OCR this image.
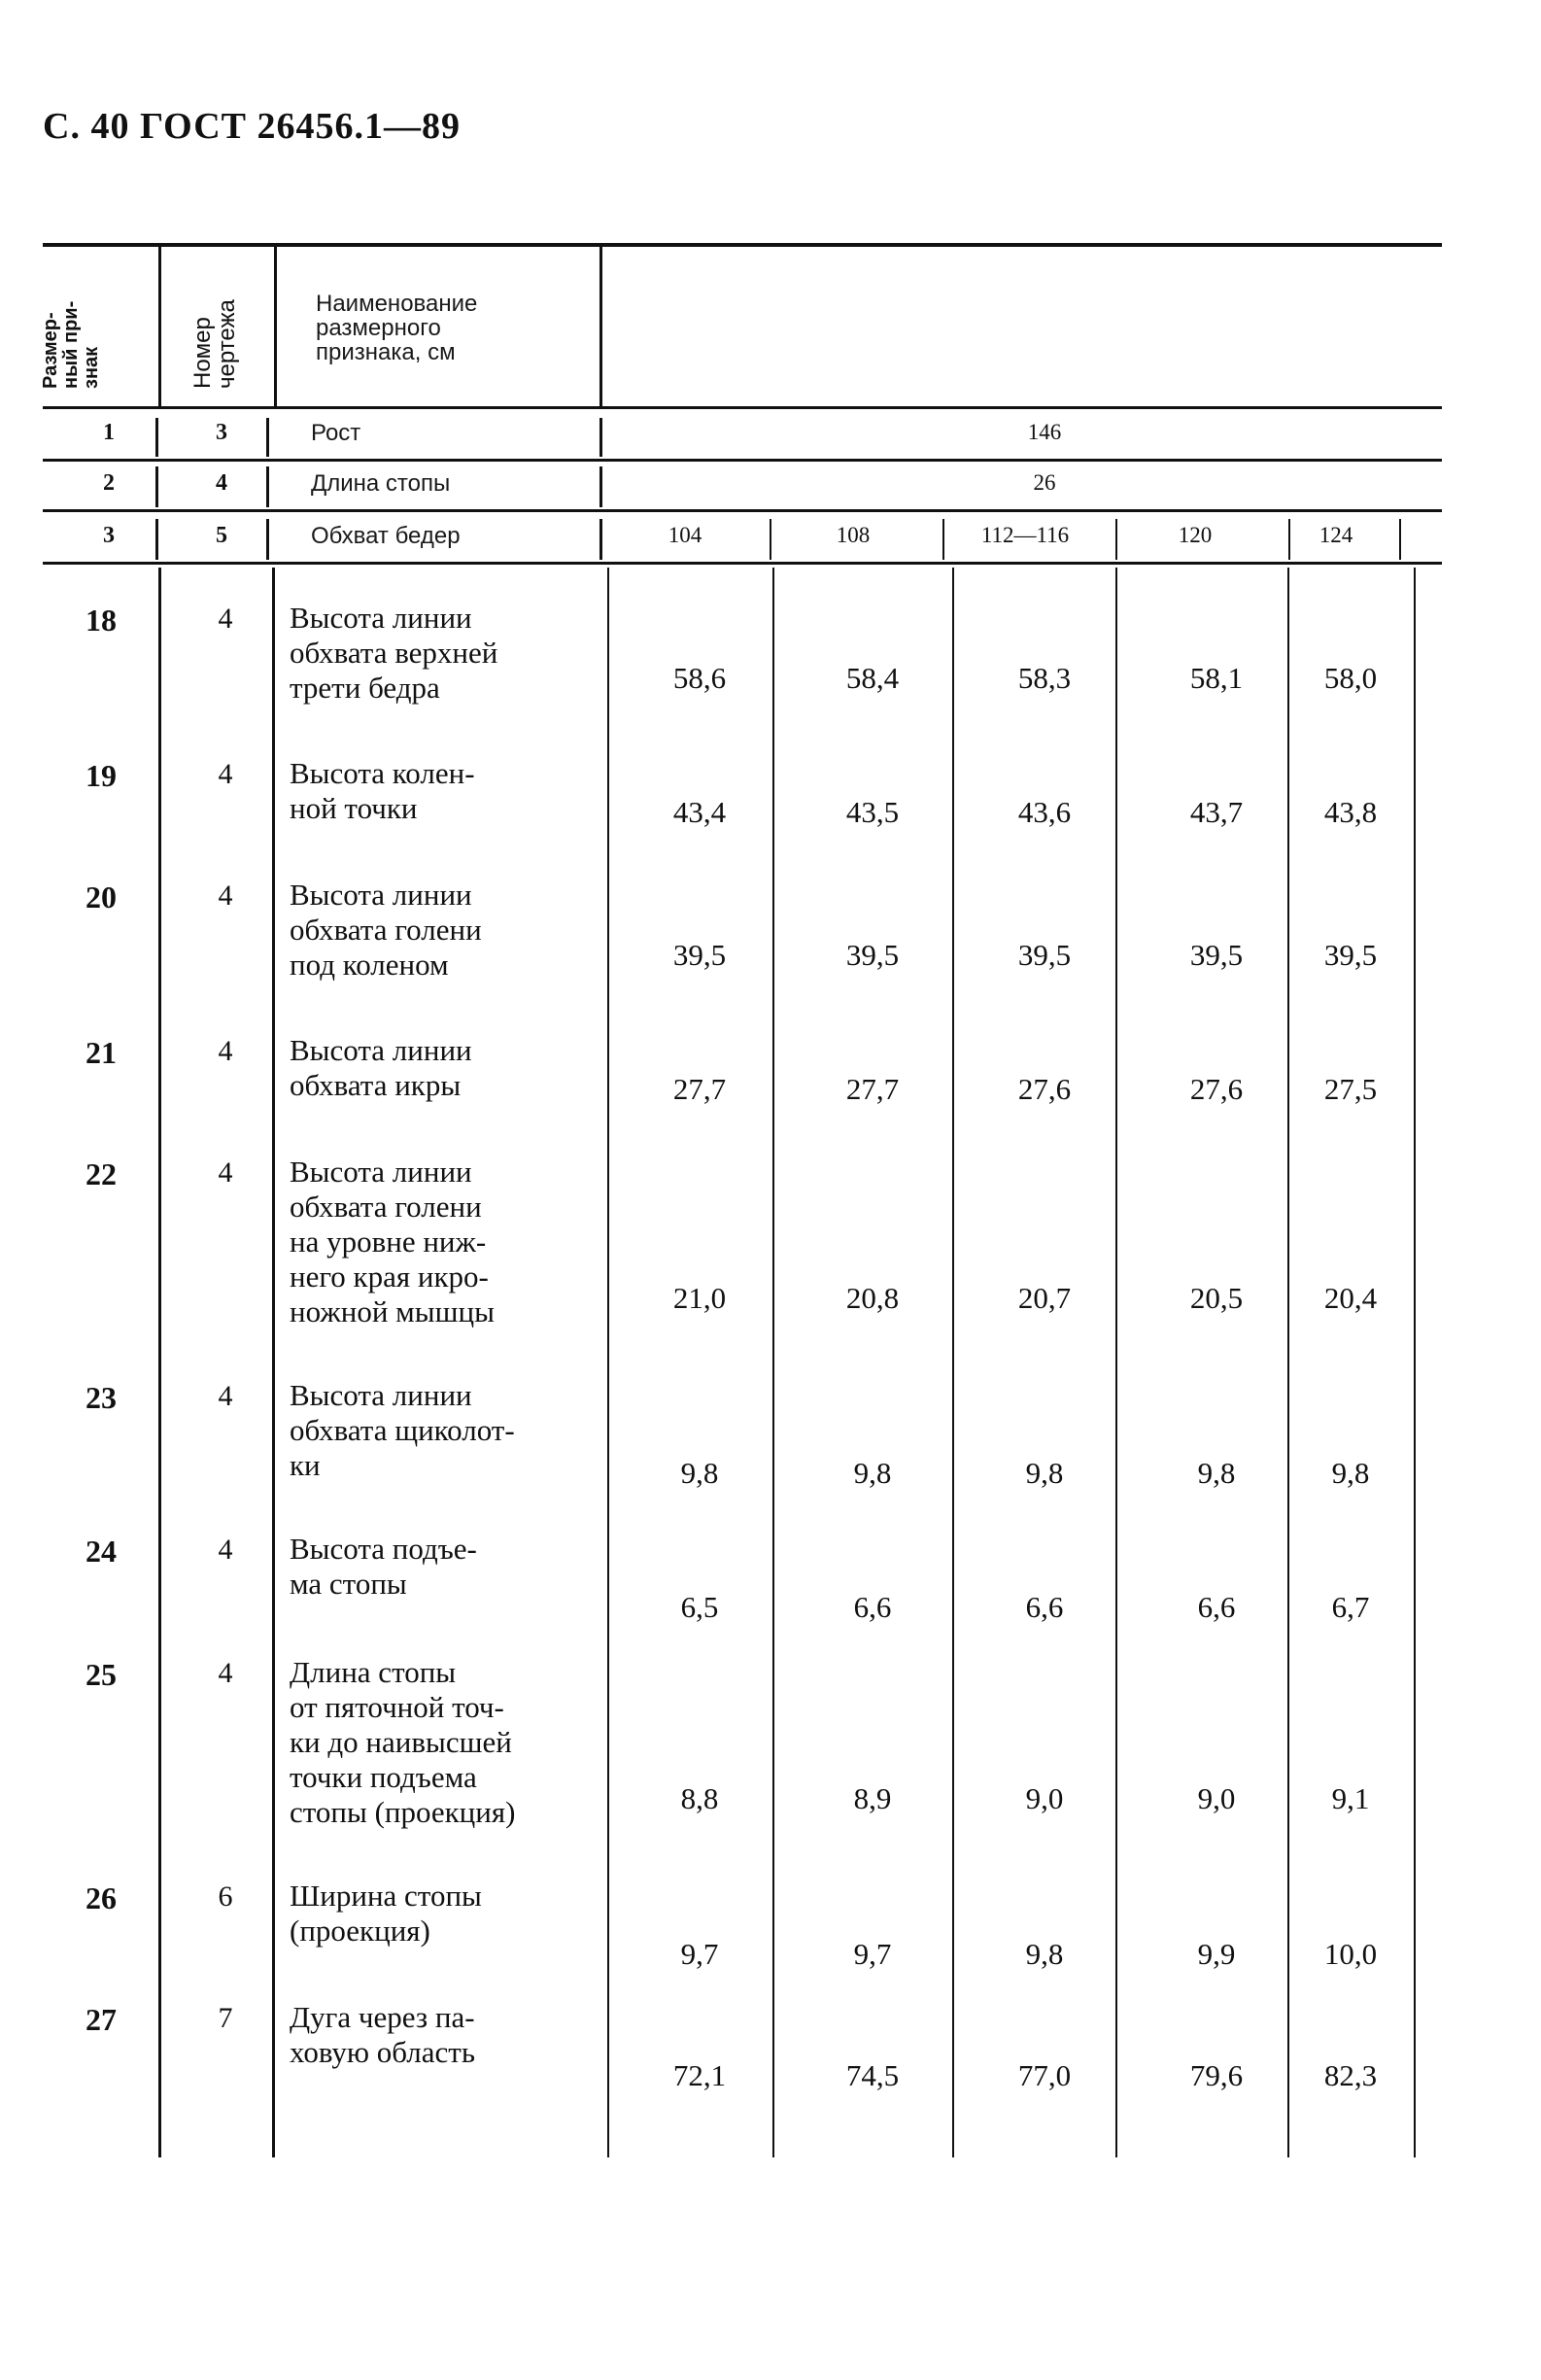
С. 40 ГОСТ 26456.1—89
Размер-
ный при-
знак	Номер
чертежа	Наименование
размерного
признака, см
1	3	Рост	146
2	4	Длина стопы	26
3	5	Обхват бедер	104	108	112—116	120	124
18	4	Высота линии
обхвата верхней
трети бедра	58,6	58,4	58,3	58,1	58,0
19	4	Высота колен-
ной точки	43,4	43,5	43,6	43,7	43,8
20	4	Высота линии
обхвата голени
под коленом	39,5	39,5	39,5	39,5	39,5
21	4	Высота линии
обхвата икры	27,7	27,7	27,6	27,6	27,5
22	4	Высота линии
обхвата голени
на уровне ниж-
него края икро-
ножной мышцы	21,0	20,8	20,7	20,5	20,4
23	4	Высота линии
обхвата щиколот-
ки	9,8	9,8	9,8	9,8	9,8
24	4	Высота подъе-
ма стопы
6,5	6,6	6,6	6,6	6,7
25	4	Длина стопы
от пяточной точ-
ки до наивысшей
точки подъема
стопы (проекция)	8,8	8,9	9,0	9,0	9,1
26	6	Ширина стопы
(проекция)
9,7	9,7	9,8	9,9	10,0
27	7	Дуга через па-
ховую область
72,1	74,5	77,0	79,6	82,3
